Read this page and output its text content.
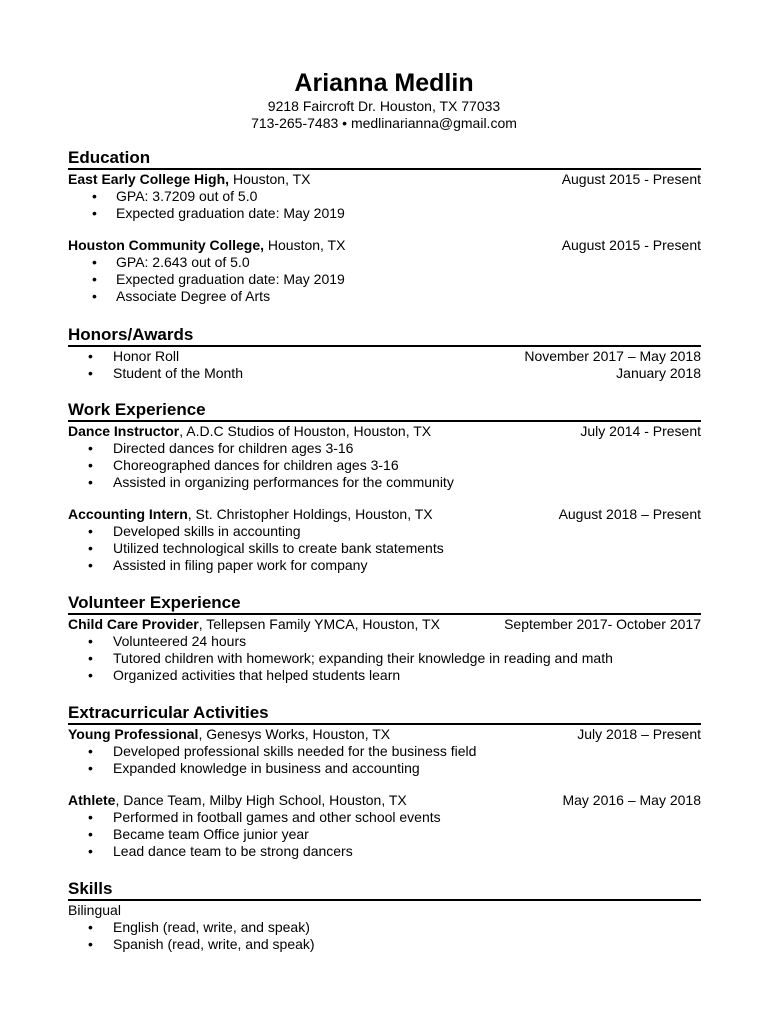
Arianna Medlin
9218 Faircroft Dr. Houston, TX 77033
713-265-7483 • medlinarianna@gmail.com
Education
East Early College High, Houston, TX	August 2015 - Present
• GPA: 3.7209 out of 5.0
• Expected graduation date: May 2019
Houston Community College, Houston, TX	August 2015 - Present
• GPA: 2.643 out of 5.0
• Expected graduation date: May 2019
• Associate Degree of Arts
Honors/Awards
• Honor Roll	November 2017 – May 2018
• Student of the Month	January 2018
Work Experience
Dance Instructor, A.D.C Studios of Houston, Houston, TX	July 2014 - Present
• Directed dances for children ages 3-16
• Choreographed dances for children ages 3-16
• Assisted in organizing performances for the community
Accounting Intern, St. Christopher Holdings, Houston, TX	August 2018 – Present
• Developed skills in accounting
• Utilized technological skills to create bank statements
• Assisted in filing paper work for company
Volunteer Experience
Child Care Provider, Tellepsen Family YMCA, Houston, TX	September 2017- October 2017
• Volunteered 24 hours
• Tutored children with homework; expanding their knowledge in reading and math
• Organized activities that helped students learn
Extracurricular Activities
Young Professional, Genesys Works, Houston, TX	July 2018 – Present
• Developed professional skills needed for the business field
• Expanded knowledge in business and accounting
Athlete, Dance Team, Milby High School, Houston, TX	May 2016 – May 2018
• Performed in football games and other school events
• Became team Office junior year
• Lead dance team to be strong dancers
Skills
Bilingual
• English (read, write, and speak)
• Spanish (read, write, and speak)
